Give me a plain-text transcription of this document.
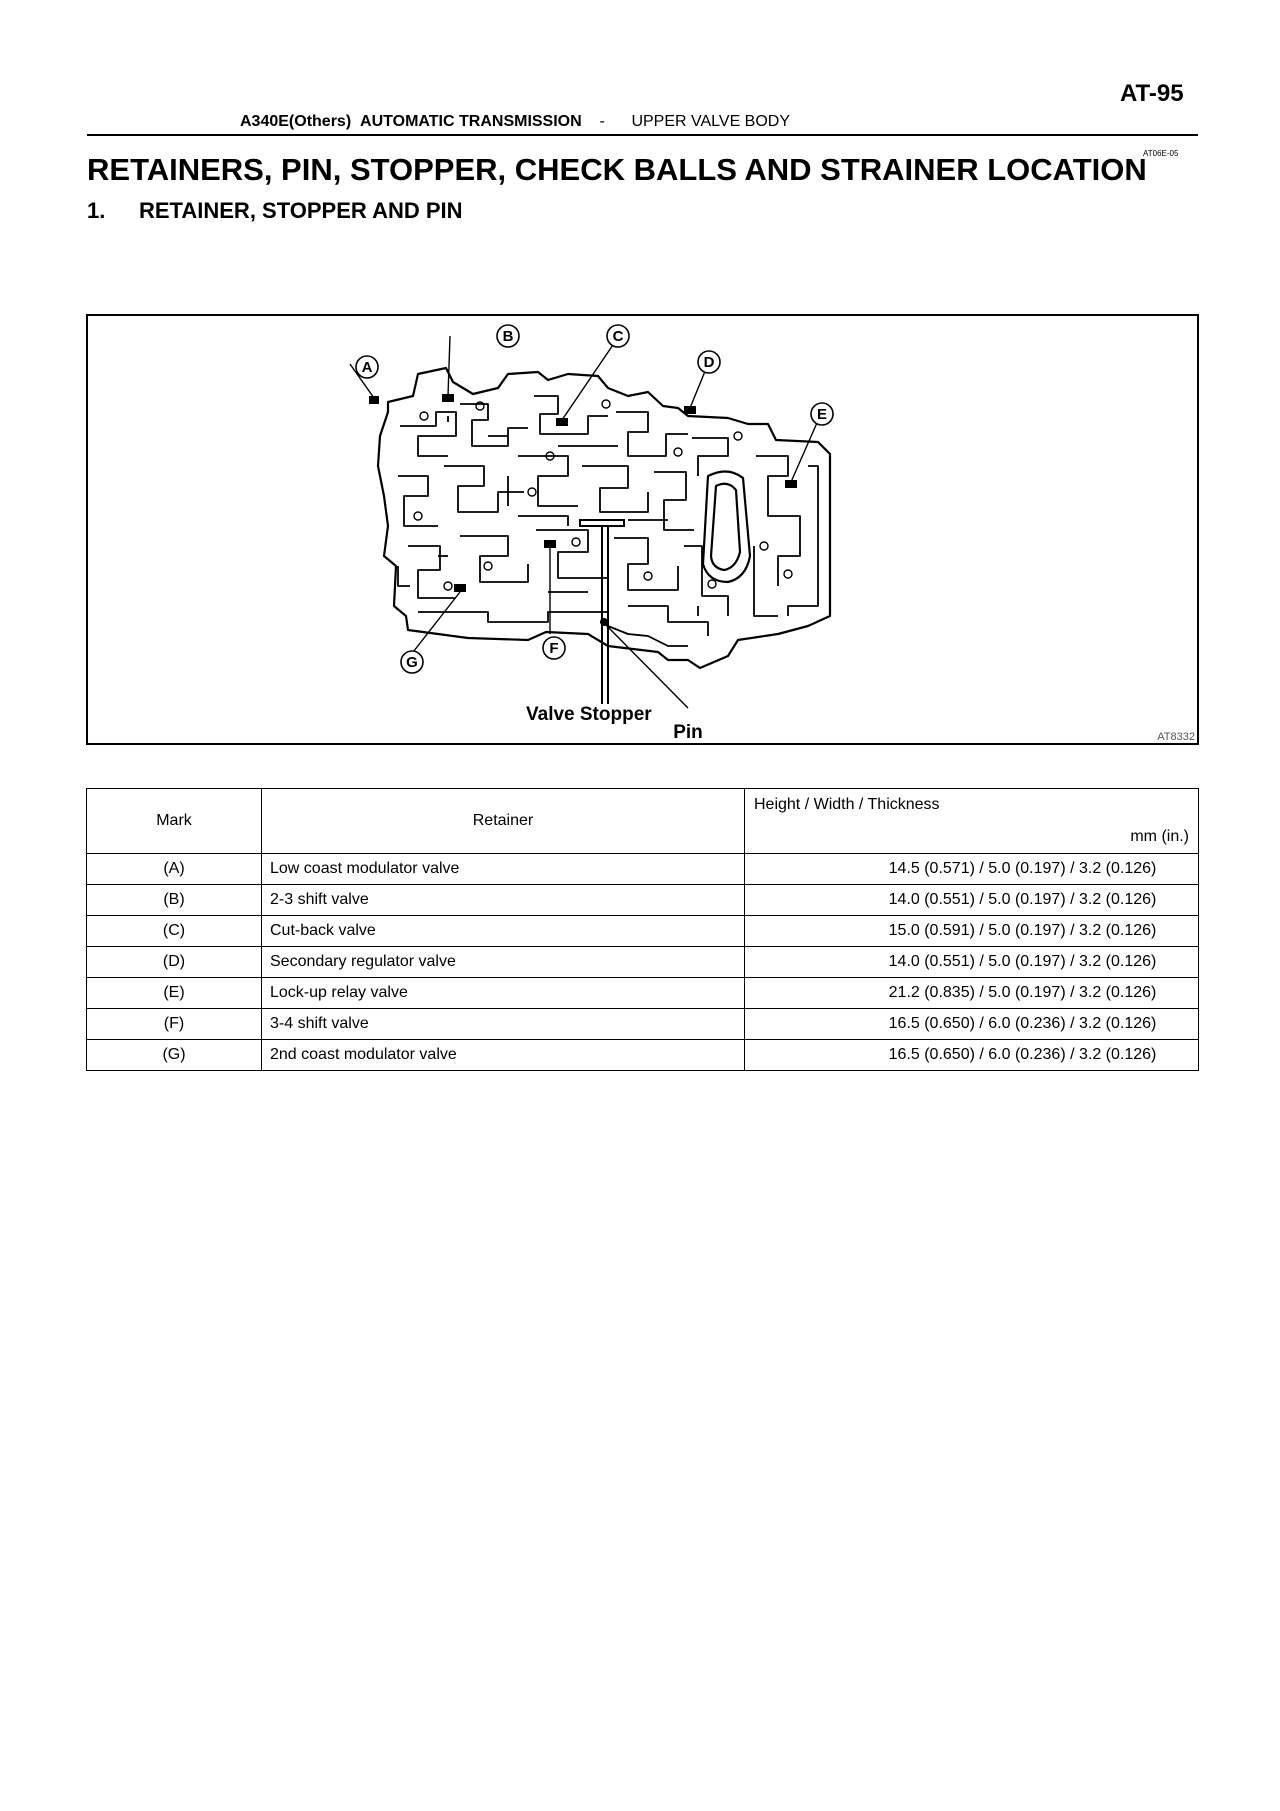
AT-95
A340E(Others) AUTOMATIC TRANSMISSION - UPPER VALVE BODY
AT06E-05
RETAINERS, PIN, STOPPER, CHECK BALLS AND STRAINER LOCATION
1. RETAINER, STOPPER AND PIN
A
B	C
D
E
F
G
Valve Stopper
Pin	AT8332
Mark	Retainer	Height / Width / Thickness
mm (in.)

(A)	Low coast modulator valve	14.5 (0.571) / 5.0 (0.197) / 3.2 (0.126)
(B)	2-3 shift valve	14.0 (0.551) / 5.0 (0.197) / 3.2 (0.126)
(C)	Cut-back valve	15.0 (0.591) / 5.0 (0.197) / 3.2 (0.126)
(D)	Secondary regulator valve	14.0 (0.551) / 5.0 (0.197) / 3.2 (0.126)
(E)	Lock-up relay valve	21.2 (0.835) / 5.0 (0.197) / 3.2 (0.126)
(F)	3-4 shift valve	16.5 (0.650) / 6.0 (0.236) / 3.2 (0.126)
(G)	2nd coast modulator valve	16.5 (0.650) / 6.0 (0.236) / 3.2 (0.126)
